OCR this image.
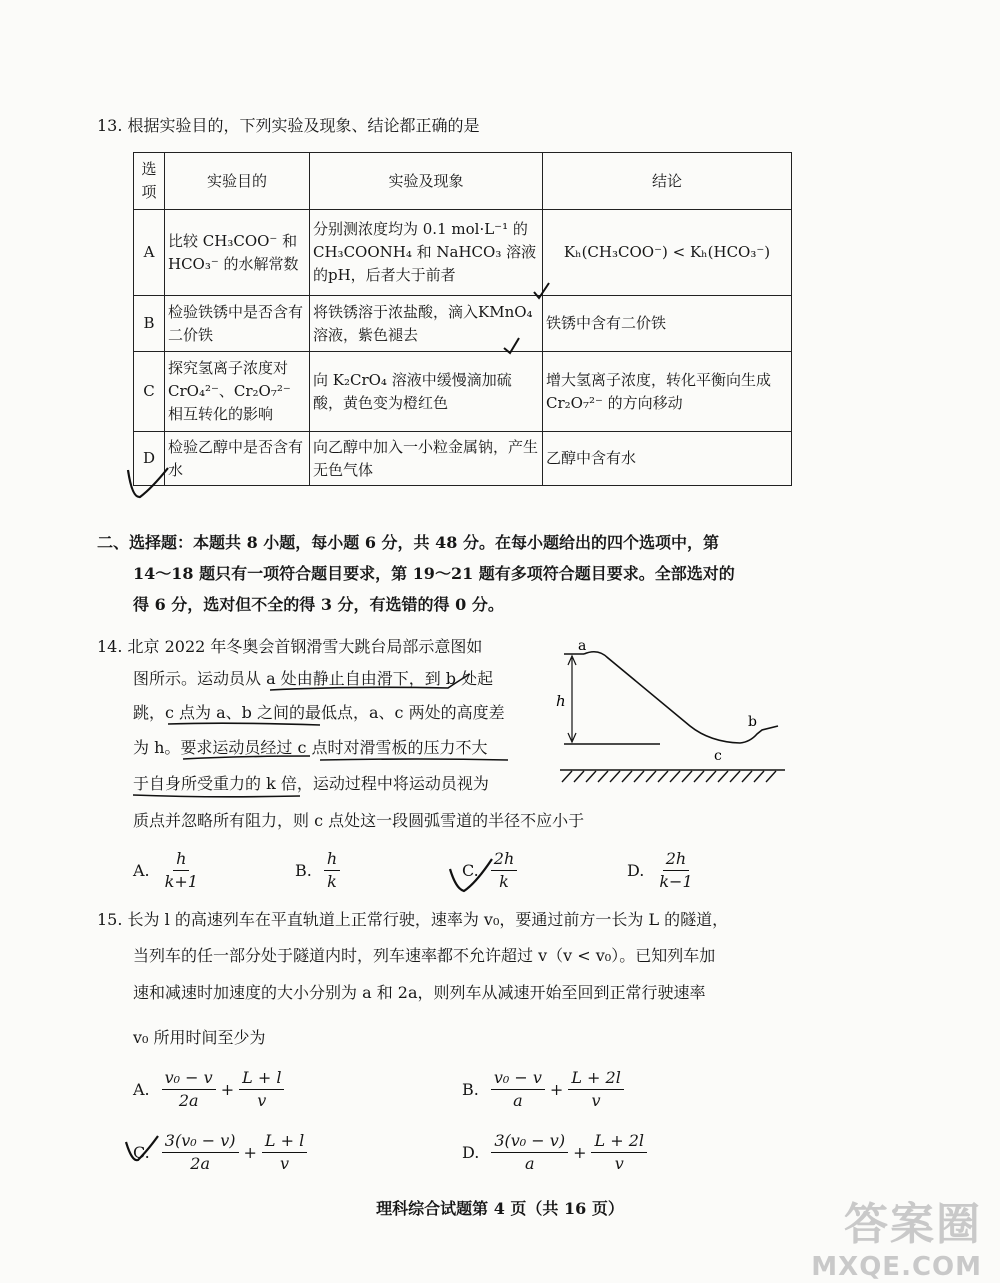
13. 根据实验目的，下列实验及现象、结论都正确的是
选项	实验目的	实验及现象	结论
A	比较 CH₃COO⁻ 和 HCO₃⁻ 的水解常数	分别测浓度均为 0.1 mol·L⁻¹ 的 CH₃COONH₄ 和 NaHCO₃ 溶液的pH，后者大于前者	Kₕ(CH₃COO⁻) < Kₕ(HCO₃⁻)
B	检验铁锈中是否含有二价铁	将铁锈溶于浓盐酸，滴入KMnO₄溶液，紫色褪去	铁锈中含有二价铁
C	探究氢离子浓度对 CrO₄²⁻、Cr₂O₇²⁻ 相互转化的影响	向 K₂CrO₄ 溶液中缓慢滴加硫酸，黄色变为橙红色	增大氢离子浓度，转化平衡向生成 Cr₂O₇²⁻ 的方向移动
D	检验乙醇中是否含有水	向乙醇中加入一小粒金属钠，产生无色气体	乙醇中含有水
二、选择题：本题共 8 小题，每小题 6 分，共 48 分。在每小题给出的四个选项中，第
14～18 题只有一项符合题目要求，第 19～21 题有多项符合题目要求。全部选对的
得 6 分，选对但不全的得 3 分，有选错的得 0 分。
14. 北京 2022 年冬奥会首钢滑雪大跳台局部示意图如
图所示。运动员从 a 处由静止自由滑下，到 b 处起
跳，c 点为 a、b 之间的最低点，a、c 两处的高度差
为 h。要求运动员经过 c 点时对滑雪板的压力不大
于自身所受重力的 k 倍，运动过程中将运动员视为
质点并忽略所有阻力，则 c 点处这一段圆弧雪道的半径不应小于
a
h
b
c
A. $\frac{h}{k+1}$	B. $\frac{h}{k}$	C. $\frac{2h}{k}$	D. $\frac{2h}{k-1}$
15. 长为 l 的高速列车在平直轨道上正常行驶，速率为 v₀，要通过前方一长为 L 的隧道，
当列车的任一部分处于隧道内时，列车速率都不允许超过 v（v < v₀）。已知列车加
速和减速时加速度的大小分别为 a 和 2a，则列车从减速开始至回到正常行驶速率
v₀ 所用时间至少为
A. $\frac{\text{v₀ − v}}{2a} + \frac{L + l}{v}$	B. $\frac{\text{v₀ − v}}{a} + \frac{L + 2l}{v}$
C. $\frac{\text{3(v₀ − v)}}{2a} + \frac{L + l}{v}$	D. $\frac{\text{3(v₀ − v)}}{a} + \frac{L + 2l}{v}$
理科综合试题第 4 页（共 16 页）	答案圈
MXQE.COM
